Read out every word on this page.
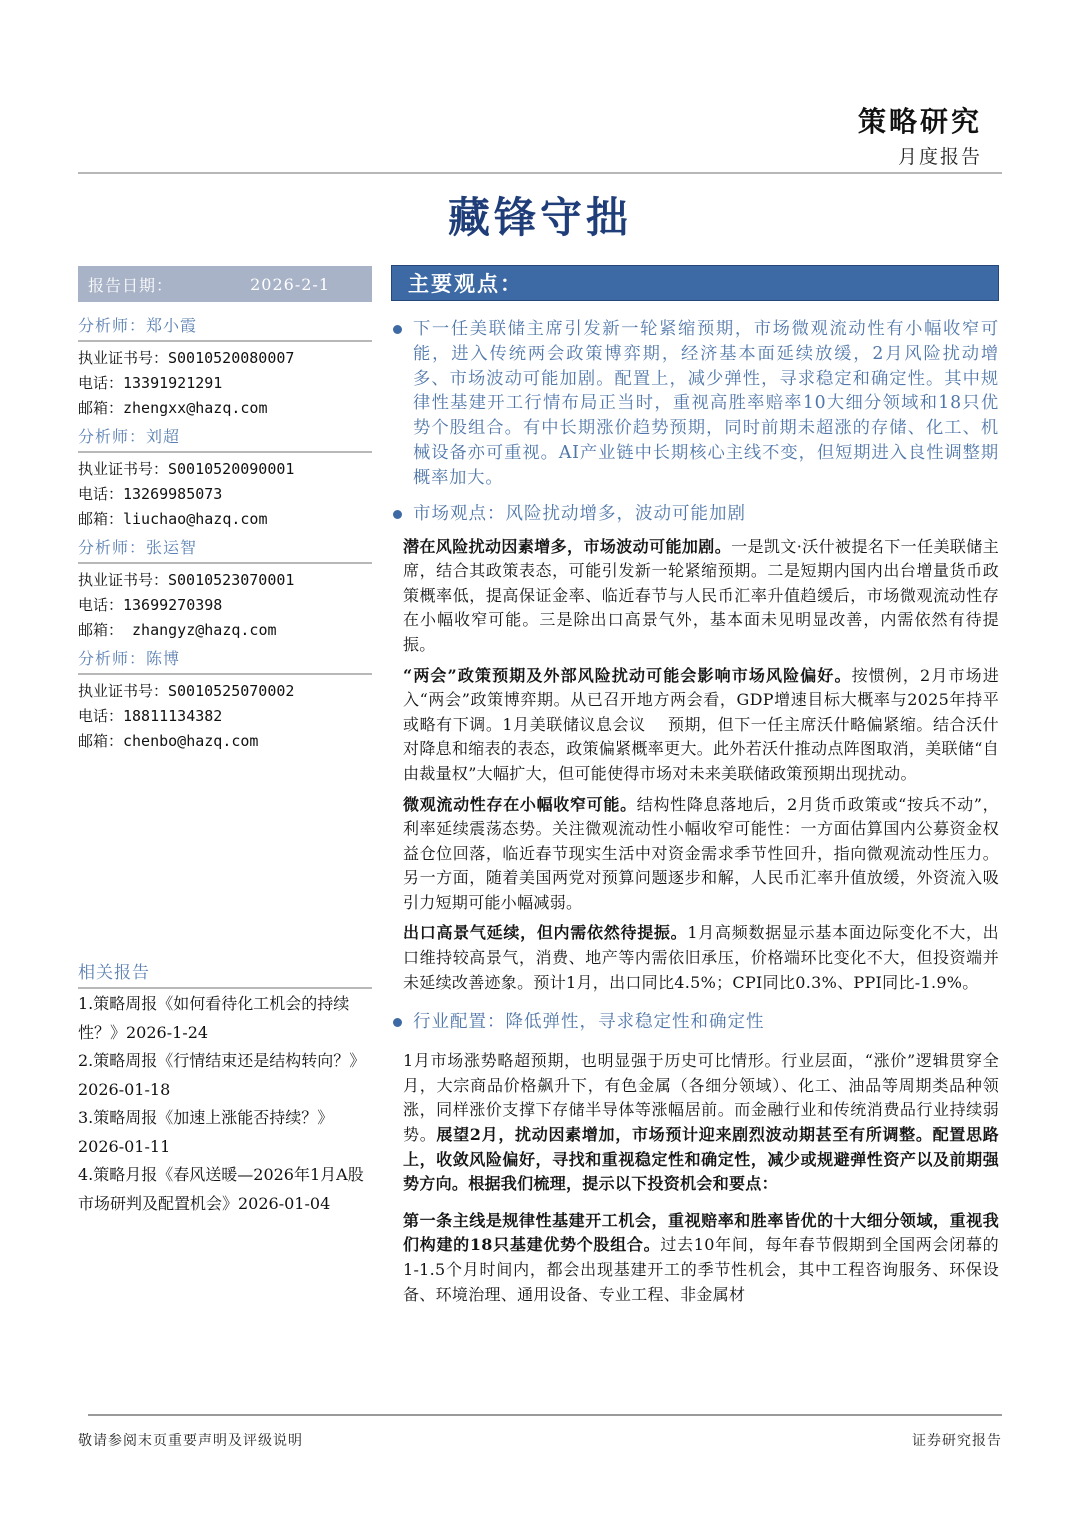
策略研究
月度报告
藏锋守拙
报告日期：	2026-2-1
分析师：郑小霞
执业证书号：S0010520080007
电话：13391921291
邮箱：zhengxx@hazq.com
分析师：刘超
执业证书号：S0010520090001
电话：13269985073
邮箱：liuchao@hazq.com
分析师：张运智
执业证书号：S0010523070001
电话：13699270398
邮箱： zhangyz@hazq.com
分析师：陈博
执业证书号：S0010525070002
电话：18811134382
邮箱：chenbo@hazq.com
相关报告
1.策略周报《如何看待化工机会的持续性？》2026-1-24
2.策略周报《行情结束还是结构转向？》2026-01-18
3.策略周报《加速上涨能否持续？》2026-01-11
4.策略月报《春风送暖—2026年1月A股市场研判及配置机会》2026-01-04
主要观点：
下一任美联储主席引发新一轮紧缩预期，市场微观流动性有小幅收窄可能，进入传统两会政策博弈期，经济基本面延续放缓，2月风险扰动增多、市场波动可能加剧。配置上，减少弹性，寻求稳定和确定性。其中规律性基建开工行情布局正当时，重视高胜率赔率10大细分领域和18只优势个股组合。有中长期涨价趋势预期，同时前期未超涨的存储、化工、机械设备亦可重视。AI产业链中长期核心主线不变，但短期进入良性调整期概率加大。
市场观点：风险扰动增多，波动可能加剧
潜在风险扰动因素增多，市场波动可能加剧。一是凯文·沃什被提名下一任美联储主席，结合其政策表态，可能引发新一轮紧缩预期。二是短期内国内出台增量货币政策概率低，提高保证金率、临近春节与人民币汇率升值趋缓后，市场微观流动性存在小幅收窄可能。三是除出口高景气外，基本面未见明显改善，内需依然有待提振。
“两会”政策预期及外部风险扰动可能会影响市场风险偏好。按惯例，2月市场进入“两会”政策博弈期。从已召开地方两会看，GDP增速目标大概率与2025年持平或略有下调。1月美联储议息会议 预期，但下一任主席沃什略偏紧缩。结合沃什对降息和缩表的表态，政策偏紧概率更大。此外若沃什推动点阵图取消，美联储“自由裁量权”大幅扩大，但可能使得市场对未来美联储政策预期出现扰动。
微观流动性存在小幅收窄可能。结构性降息落地后，2月货币政策或“按兵不动”，利率延续震荡态势。关注微观流动性小幅收窄可能性：一方面估算国内公募资金权益仓位回落，临近春节现实生活中对资金需求季节性回升，指向微观流动性压力。另一方面，随着美国两党对预算问题逐步和解，人民币汇率升值放缓，外资流入吸引力短期可能小幅减弱。
出口高景气延续，但内需依然待提振。1月高频数据显示基本面边际变化不大，出口维持较高景气，消费、地产等内需依旧承压，价格端环比变化不大，但投资端并未延续改善迹象。预计1月，出口同比4.5%；CPI同比0.3%、PPI同比-1.9%。
行业配置：降低弹性，寻求稳定性和确定性
1月市场涨势略超预期，也明显强于历史可比情形。行业层面，“涨价”逻辑贯穿全月，大宗商品价格飙升下，有色金属（各细分领域）、化工、油品等周期类品种领涨，同样涨价支撑下存储半导体等涨幅居前。而金融行业和传统消费品行业持续弱势。展望2月，扰动因素增加，市场预计迎来剧烈波动期甚至有所调整。配置思路上，收敛风险偏好，寻找和重视稳定性和确定性，减少或规避弹性资产以及前期强势方向。根据我们梳理，提示以下投资机会和要点：
第一条主线是规律性基建开工机会，重视赔率和胜率皆优的十大细分领域，重视我们构建的18只基建优势个股组合。过去10年间，每年春节假期到全国两会闭幕的1-1.5个月时间内，都会出现基建开工的季节性机会，其中工程咨询服务、环保设备、环境治理、通用设备、专业工程、非金属材
敬请参阅末页重要声明及评级说明	证券研究报告
